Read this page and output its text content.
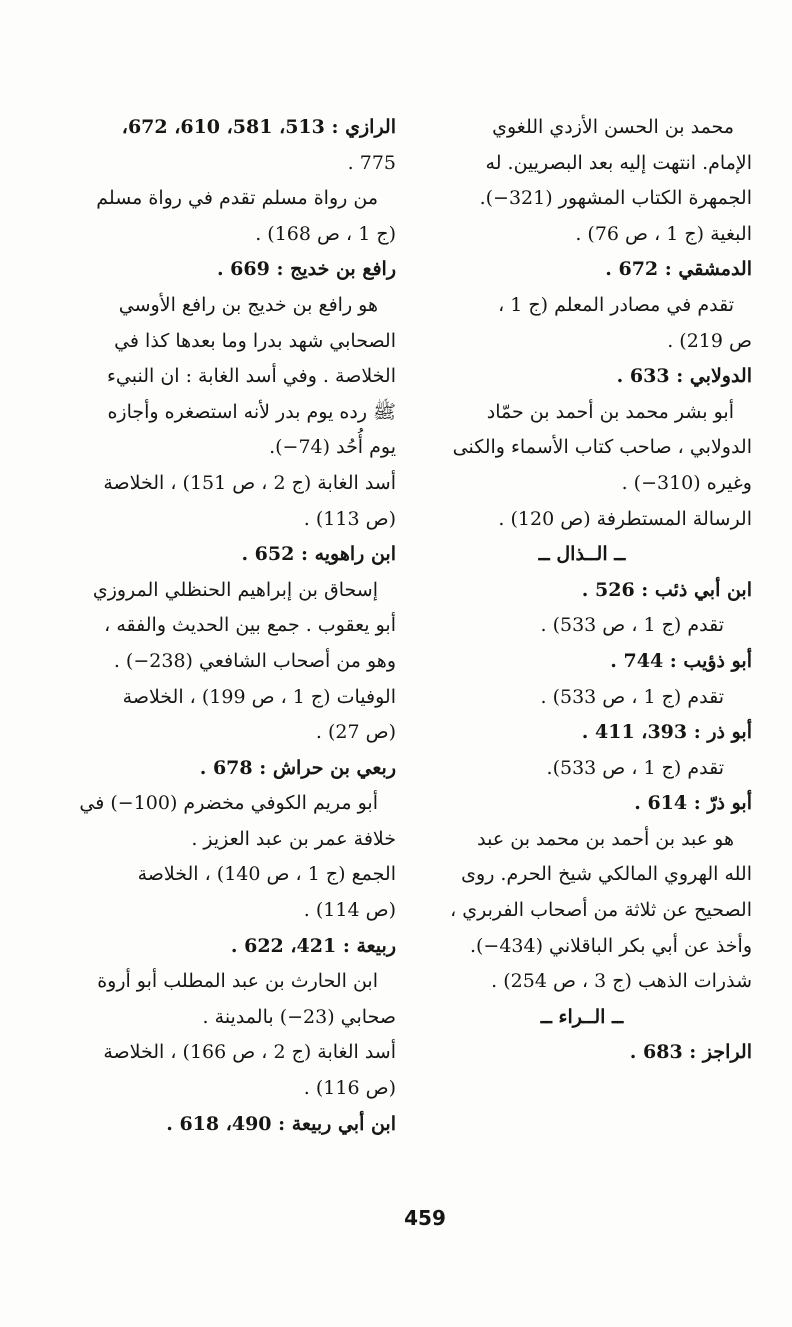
محمد بن الحسن الأزدي اللغوي

الإمام. انتهت إليه بعد البصريين. له

الجمهرة الكتاب المشهور (‎−321‎).

البغية (ج 1 ، ص 76) .

الدمشقي : 672 .

تقدم في مصادر المعلم (ج 1 ،

ص 219) .

الدولابي : 633 .

أبو بشر محمد بن أحمد بن حمّاد

الدولابي ، صاحب كتاب الأسماء والكنى

وغيره (‎−310‎) .

الرسالة المستطرفة (ص 120) .

ــ الــذال ــ

ابن أبي ذئب : 526 .

تقدم (ج 1 ، ص 533) .

أبو ذؤيب : 744 .

تقدم (ج 1 ، ص 533) .

أبو ذر : 393، 411 .

تقدم (ج 1 ، ص 533).

أبو ذرّ : 614 .

هو عبد بن أحمد بن محمد بن عبد

الله الهروي المالكي شيخ الحرم. روى

الصحيح عن ثلاثة من أصحاب الفربري ،

وأخذ عن أبي بكر الباقلاني (‎−434‎).

شذرات الذهب (ج 3 ، ص 254) .

ــ الــراء ــ

الراجز : 683 .

الرازي : 513، 581، 610، 672،

775 .

من رواة مسلم تقدم في رواة مسلم

(ج 1 ، ص 168) .

رافع بن خديج : 669 .

هو رافع بن خديج بن رافع الأوسي

الصحابي شهد بدرا وما بعدها كذا في

الخلاصة . وفي أسد الغابة : ان النبيء

ﷺ رده يوم بدر لأنه استصغره وأجازه

يوم أُحُد (‎−74‎).

أسد الغابة (ج 2 ، ص 151) ، الخلاصة

(ص 113) .

ابن راهويه : 652 .

إسحاق بن إبراهيم الحنظلي المروزي

أبو يعقوب . جمع بين الحديث والفقه ،

وهو من أصحاب الشافعي (‎−238‎) .

الوفيات (ج 1 ، ص 199) ، الخلاصة

(ص 27) .

ربعي بن حراش : 678 .

أبو مريم الكوفي مخضرم (‎−100‎) في

خلافة عمر بن عبد العزيز .

الجمع (ج 1 ، ص 140) ، الخلاصة

(ص 114) .

ربيعة : 421، 622 .

ابن الحارث بن عبد المطلب أبو أروة

صحابي (‎−23‎) بالمدينة .

أسد الغابة (ج 2 ، ص 166) ، الخلاصة

(ص 116) .

ابن أبي ربيعة : 490، 618 .

459
